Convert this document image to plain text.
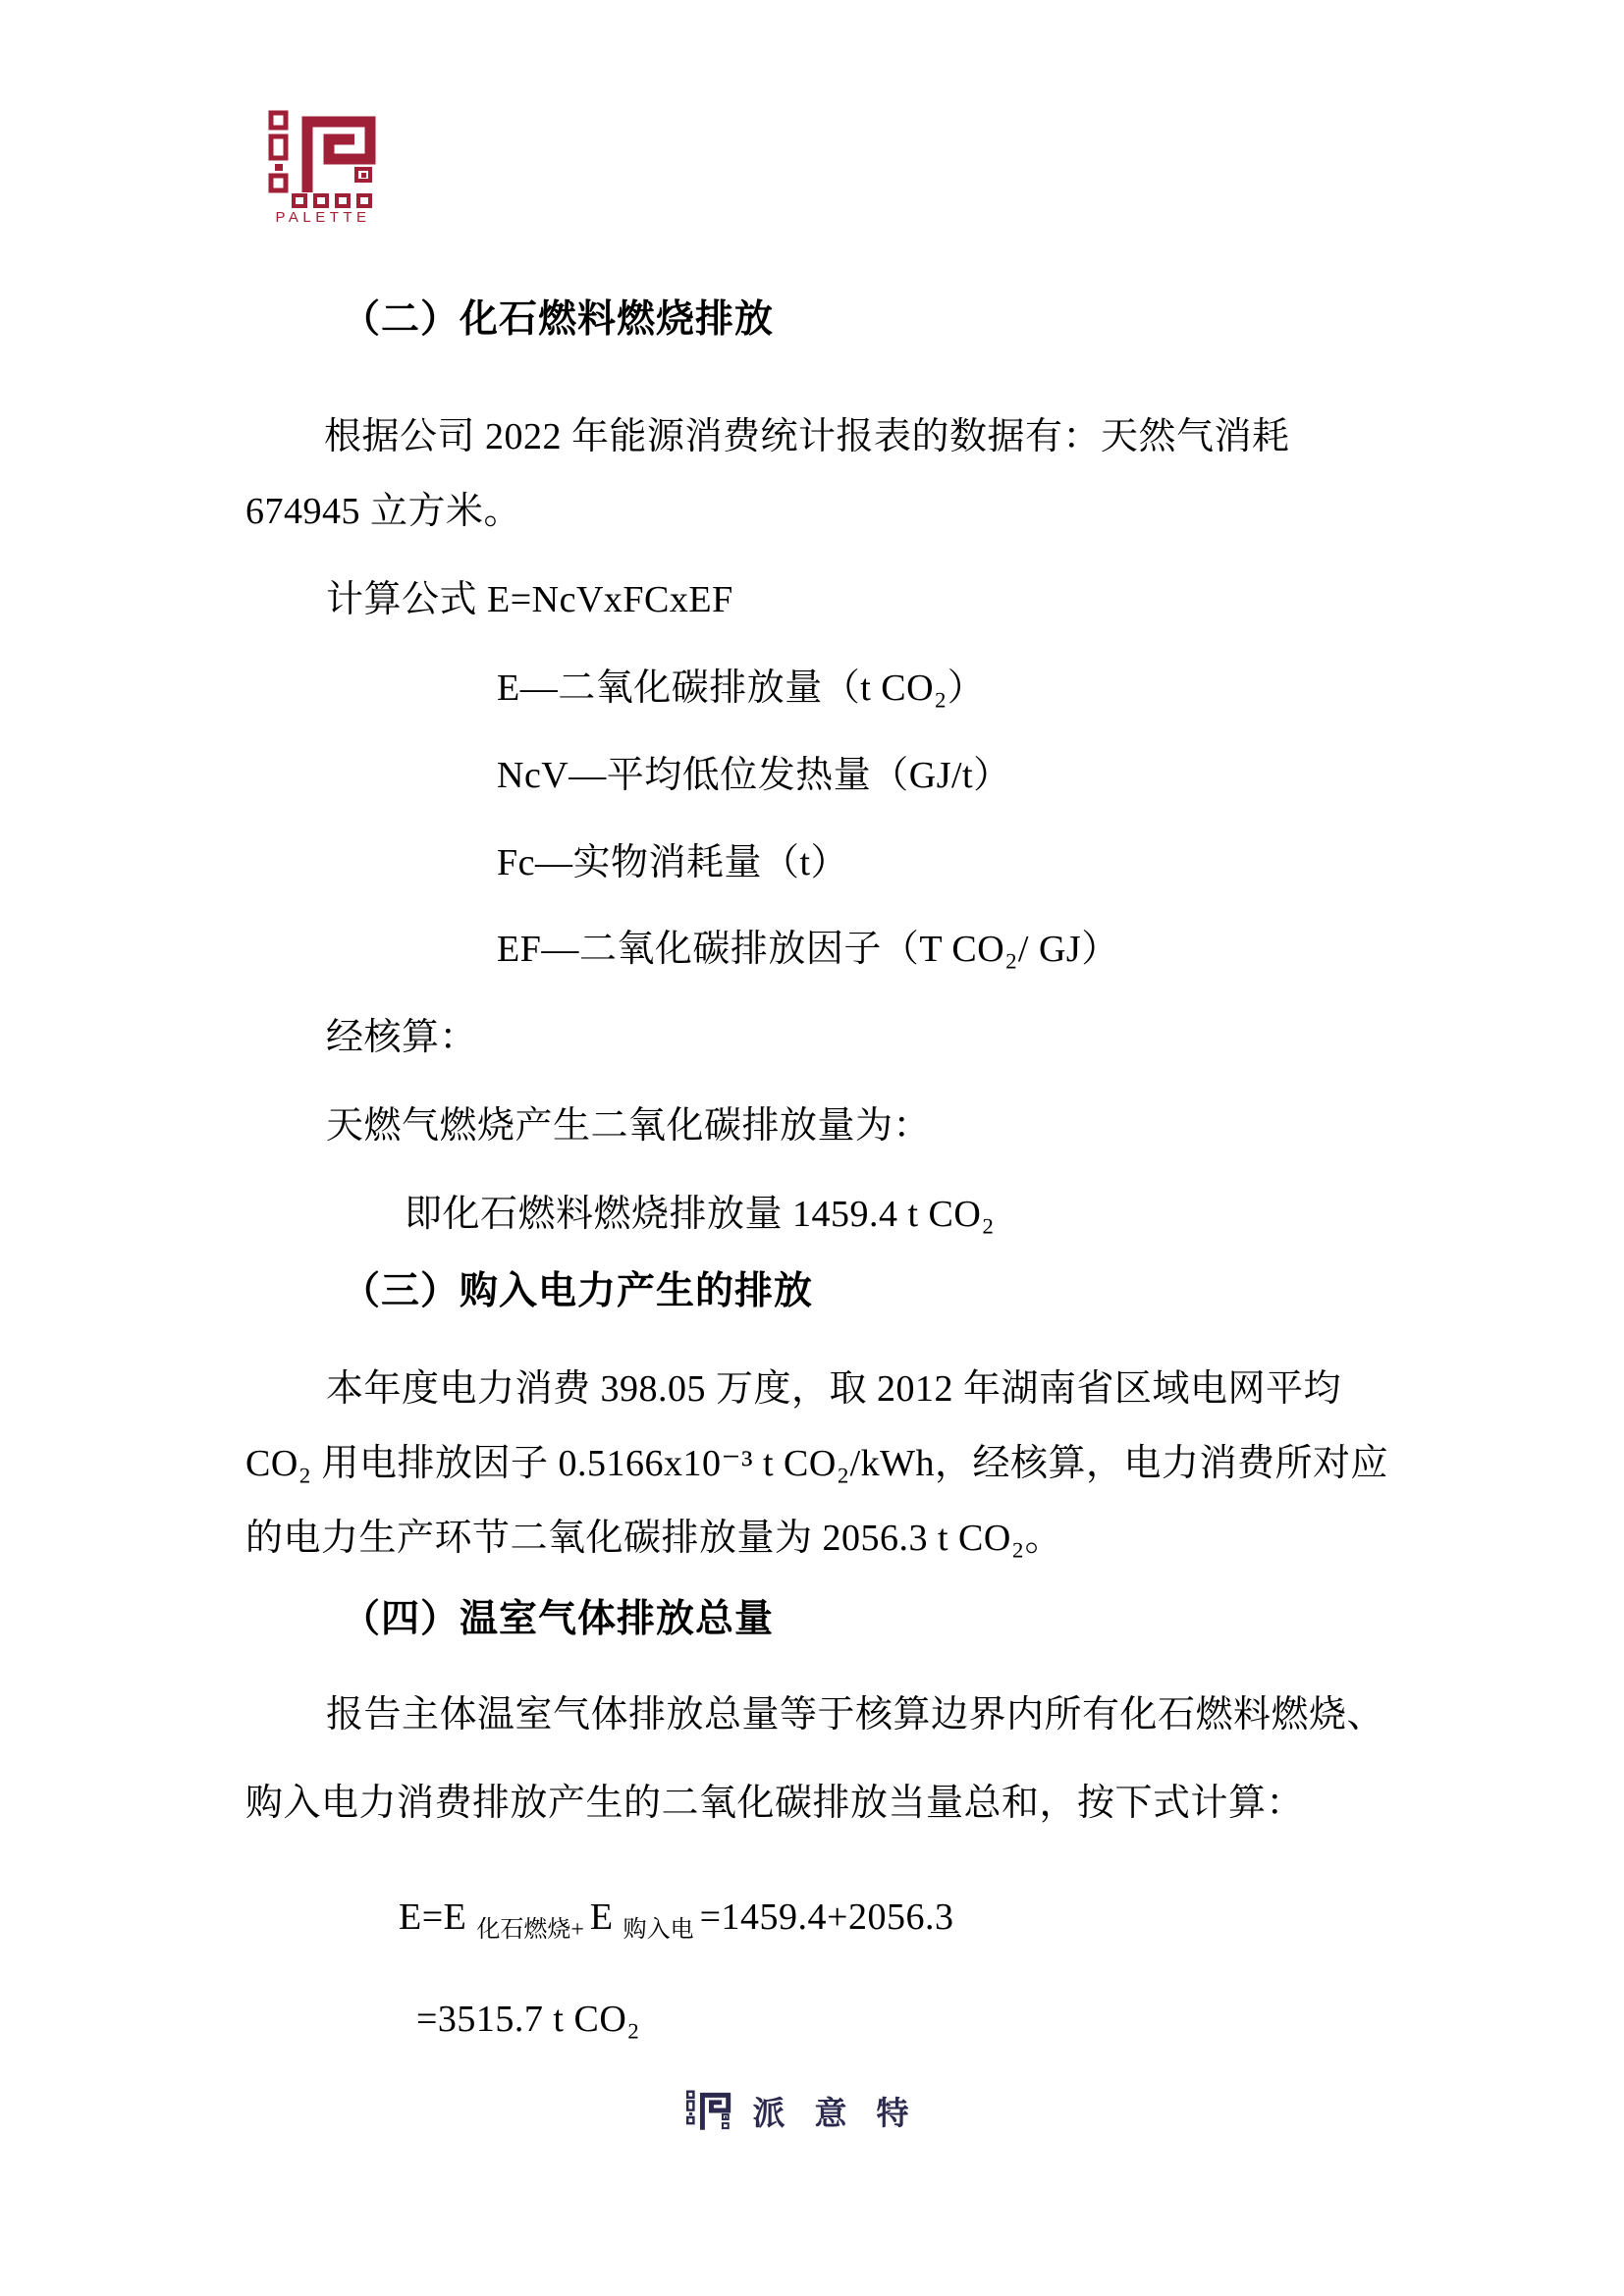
PALETTE
（二）化石燃料燃烧排放

根据公司 2022 年能源消费统计报表的数据有：天然气消耗

674945 立方米。

计算公式 E=NcVxFCxEF

E—二氧化碳排放量（t CO₂）

NcV—平均低位发热量（GJ/t）

Fc—实物消耗量（t）

EF—二氧化碳排放因子（T CO₂/ GJ）

经核算：

天燃气燃烧产生二氧化碳排放量为：

即化石燃料燃烧排放量 1459.4 t CO₂

（三）购入电力产生的排放

本年度电力消费 398.05 万度，取 2012 年湖南省区域电网平均

CO₂ 用电排放因子 0.5166x10⁻³ t CO₂/kWh，经核算，电力消费所对应

的电力生产环节二氧化碳排放量为 2056.3 t CO₂。

（四）温室气体排放总量

报告主体温室气体排放总量等于核算边界内所有化石燃料燃烧、

购入电力消费排放产生的二氧化碳排放当量总和，按下式计算：

E=E $_{化石燃烧+}$ E $_{购入电}$ =1459.4+2056.3

=3515.7 t CO₂

派意特
